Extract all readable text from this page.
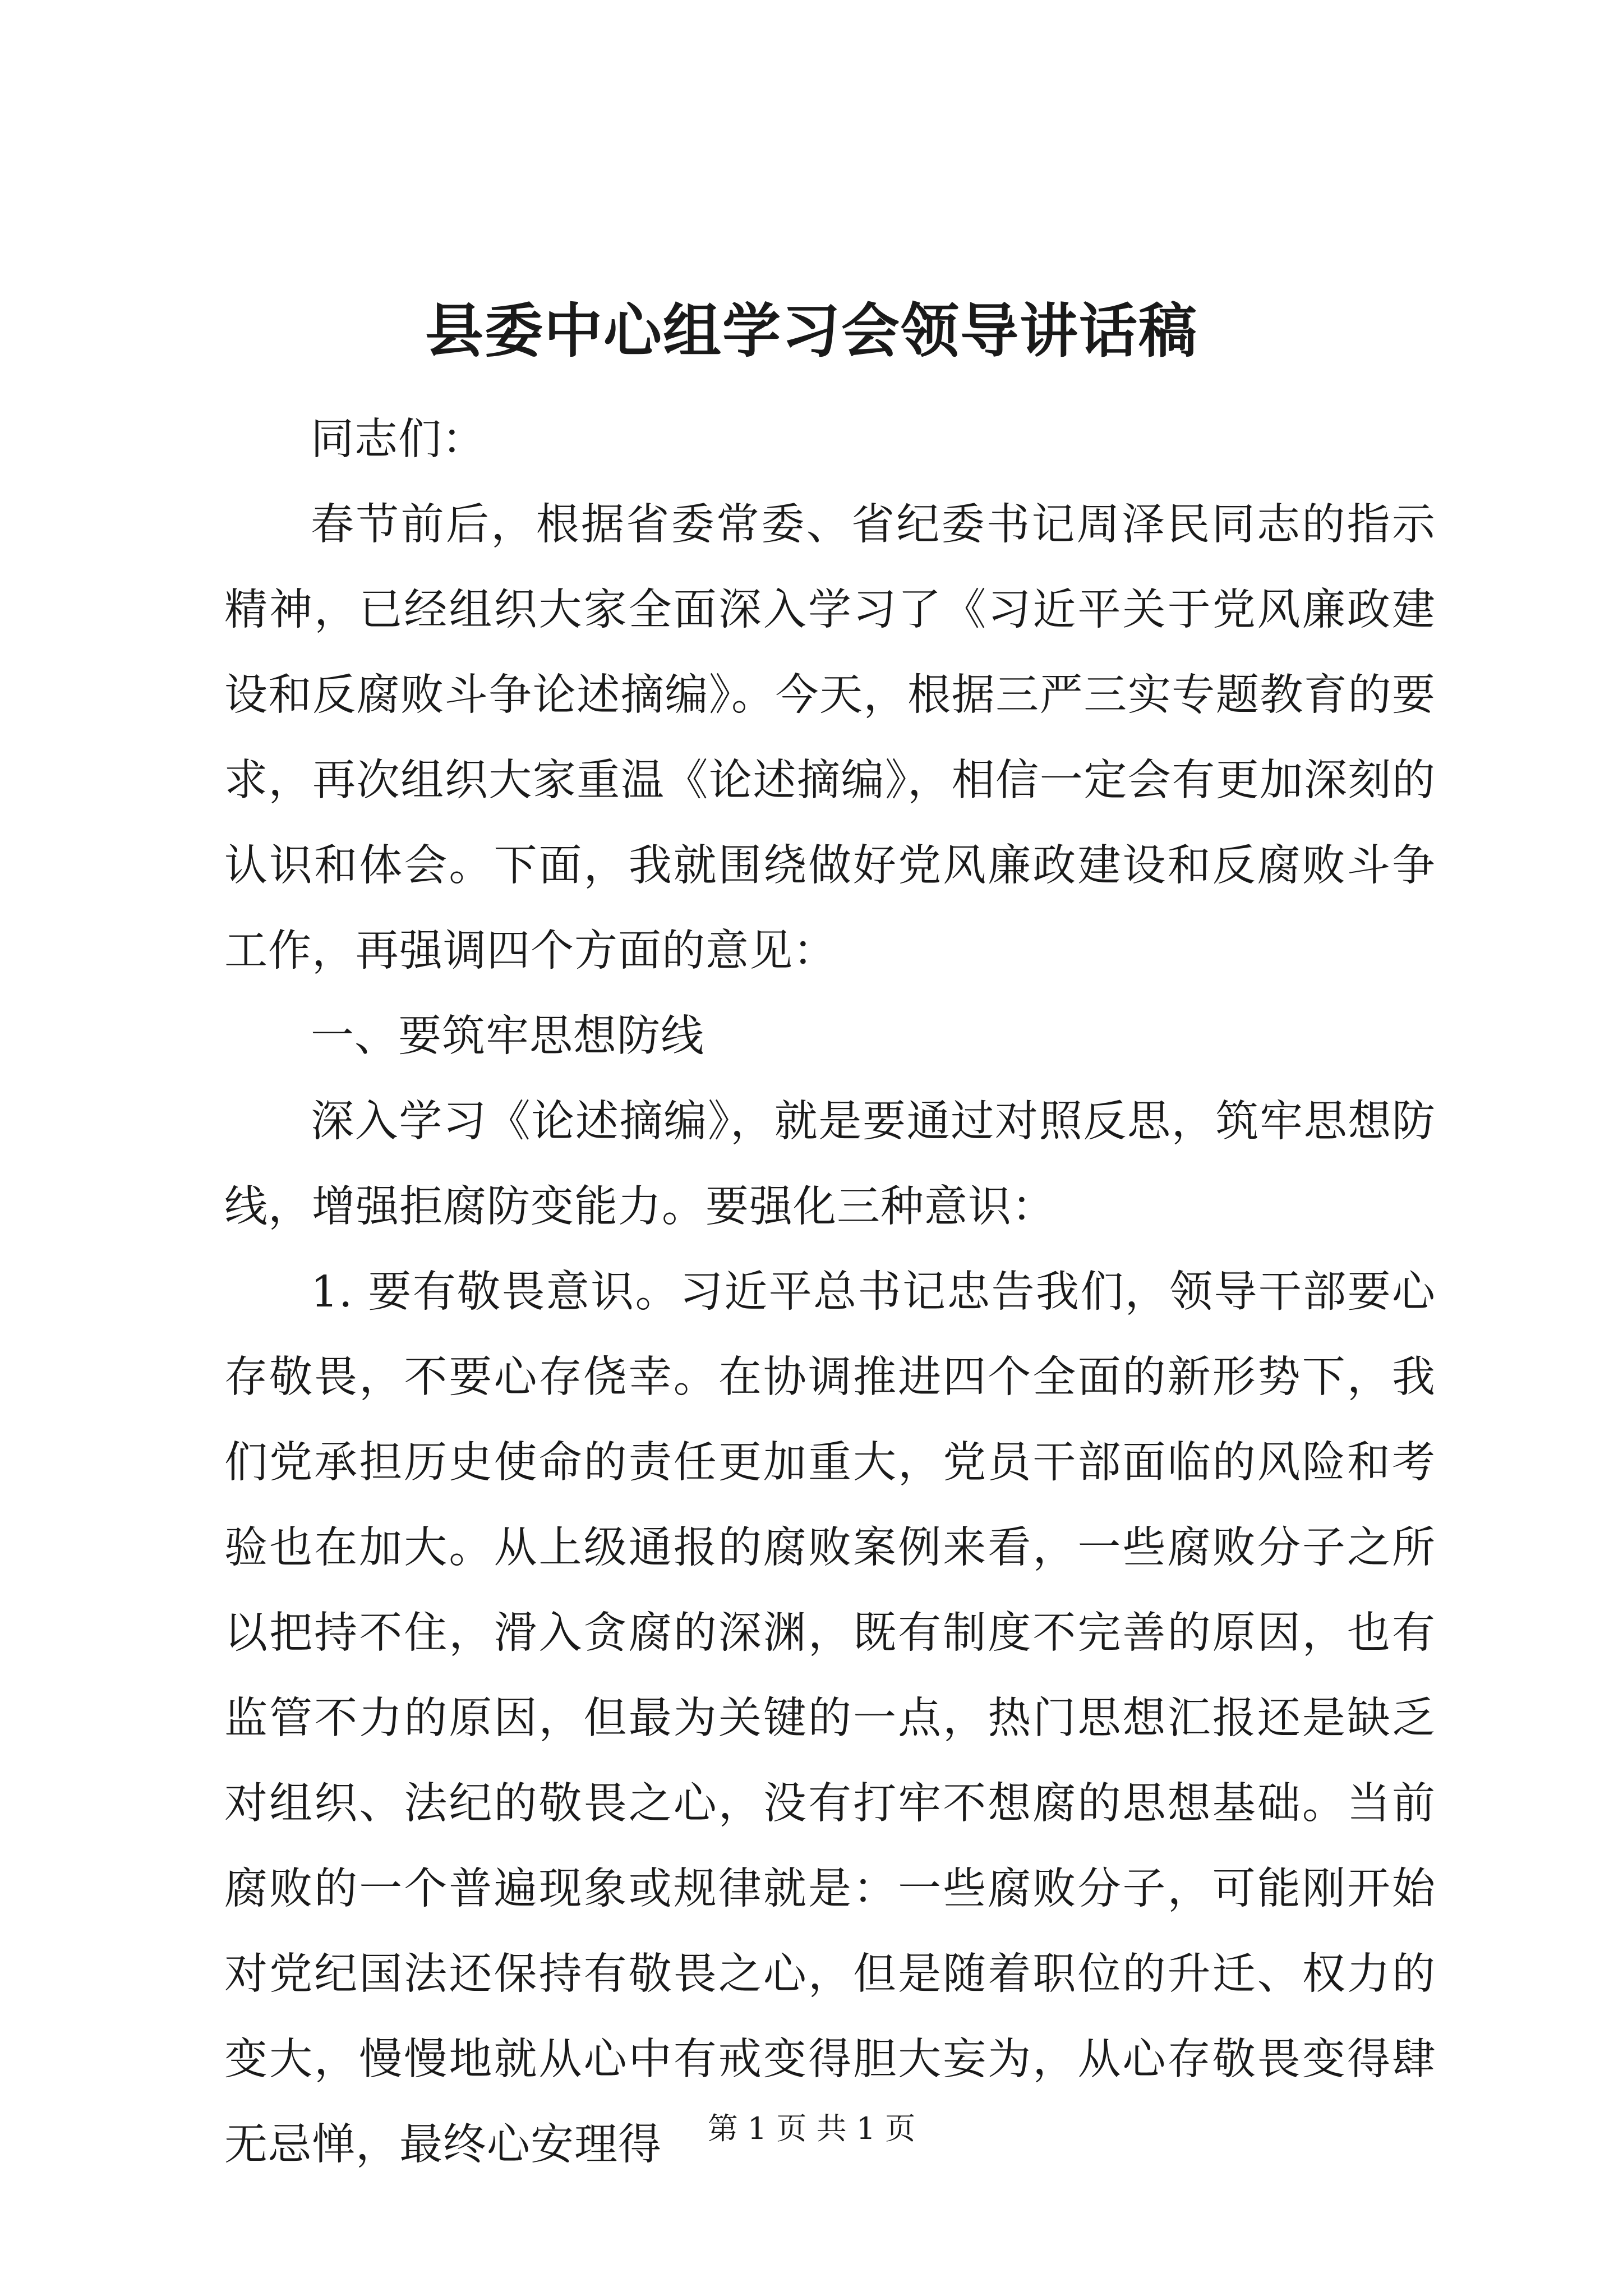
县委中心组学习会领导讲话稿

同志们：

春节前后，根据省委常委、省纪委书记周泽民同志的指示精神，已经组织大家全面深入学习了《习近平关于党风廉政建设和反腐败斗争论述摘编》。今天，根据三严三实专题教育的要求，再次组织大家重温《论述摘编》，相信一定会有更加深刻的认识和体会。下面，我就围绕做好党风廉政建设和反腐败斗争工作，再强调四个方面的意见：

一、要筑牢思想防线

深入学习《论述摘编》，就是要通过对照反思，筑牢思想防线，增强拒腐防变能力。要强化三种意识：

1. 要有敬畏意识。习近平总书记忠告我们，领导干部要心存敬畏，不要心存侥幸。在协调推进四个全面的新形势下，我们党承担历史使命的责任更加重大，党员干部面临的风险和考验也在加大。从上级通报的腐败案例来看，一些腐败分子之所以把持不住，滑入贪腐的深渊，既有制度不完善的原因，也有监管不力的原因，但最为关键的一点，热门思想汇报还是缺乏对组织、法纪的敬畏之心，没有打牢不想腐的思想基础。当前腐败的一个普遍现象或规律就是：一些腐败分子，可能刚开始对党纪国法还保持有敬畏之心，但是随着职位的升迁、权力的变大，慢慢地就从心中有戒变得胆大妄为，从心存敬畏变得肆无忌惮，最终心安理得	第 1 页 共 1 页
